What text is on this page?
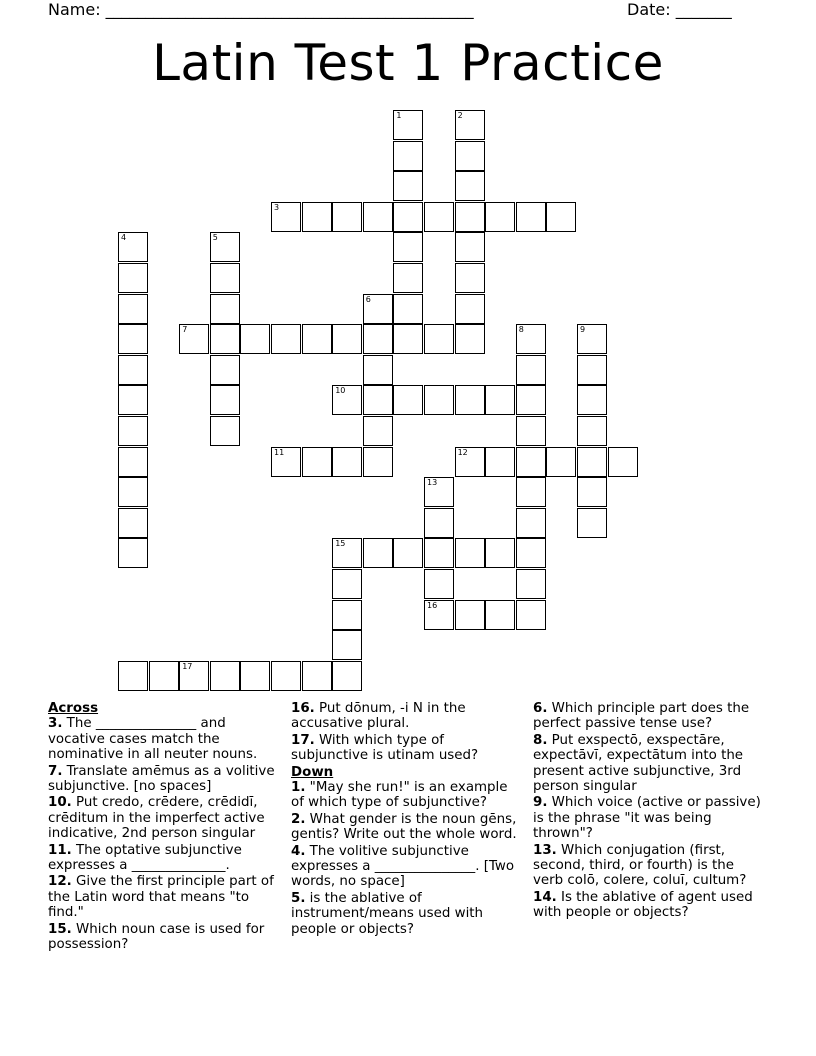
Name: ______________________________________________	Date: _______
Latin Test 1 Practice
1	2
3
4	5
6
7	8	9
10
11	12
13
16
15
17
Across
3. The _______________ and vocative cases match the nominative in all neuter nouns.
7. Translate amēmus as a volitive subjunctive. [no spaces]
10. Put credo, crēdere, crēdidī, crēditum in the imperfect active indicative, 2nd person singular
11. The optative subjunctive expresses a ______________.
12. Give the first principle part of the Latin word that means "to find."
15. Which noun case is used for possession?
16. Put dōnum, -i N in the accusative plural.
17. With which type of subjunctive is utinam used?
Down
1. "May she run!" is an example of which type of subjunctive?
2. What gender is the noun gēns, gentis? Write out the whole word.
4. The volitive subjunctive expresses a _______________. [Two words, no space]
5. is the ablative of instrument/means used with people or objects?
6. Which principle part does the perfect passive tense use?
8. Put exspectō, exspectāre, expectāvī, expectātum into the present active subjunctive, 3rd person singular
9. Which voice (active or passive) is the phrase "it was being thrown"?
13. Which conjugation (first, second, third, or fourth) is the verb colō, colere, coluī, cultum?
14. Is the ablative of agent used with people or objects?
